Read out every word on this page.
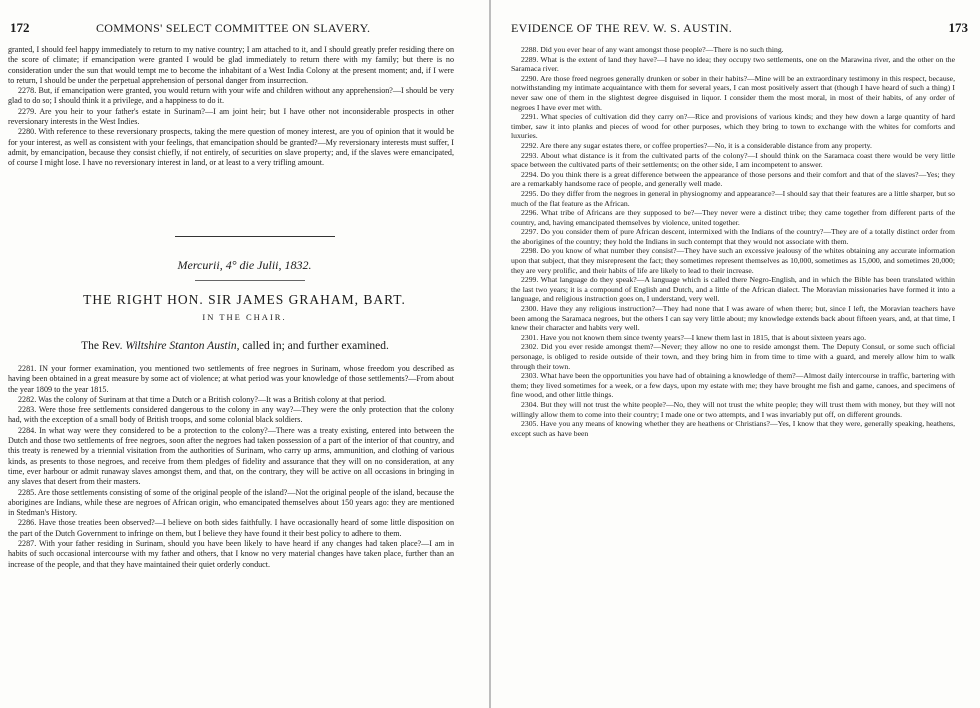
172	COMMONS' SELECT COMMITTEE ON SLAVERY.

granted, I should feel happy immediately to return to my native country; I am attached to it, and I should greatly prefer residing there on the score of climate; if emancipation were granted I would be glad immediately to return there with my family; but there is no consideration under the sun that would tempt me to become the inhabitant of a West India Colony at the present moment; and, if I were to return, I should be under the perpetual apprehension of personal danger from insurrection.

2278. But, if emancipation were granted, you would return with your wife and children without any apprehension?—I should be very glad to do so; I should think it a privilege, and a happiness to do it.

2279. Are you heir to your father's estate in Surinam?—I am joint heir; but I have other not inconsiderable prospects in other reversionary interests in the West Indies.

2280. With reference to these reversionary prospects, taking the mere question of money interest, are you of opinion that it would be for your interest, as well as consistent with your feelings, that emancipation should be granted?—My reversionary interests must suffer, I admit, by emancipation, because they consist chiefly, if not entirely, of securities on slave property; and, if the slaves were emancipated, of course I might lose. I have no reversionary interest in land, or at least to a very trifling amount.

Mercurii, 4° die Julii, 1832.
THE RIGHT HON. SIR JAMES GRAHAM, BART.
IN THE CHAIR.
The Rev. Wiltshire Stanton Austin, called in; and further examined.

2281. IN your former examination, you mentioned two settlements of free negroes in Surinam, whose freedom you described as having been obtained in a great measure by some act of violence; at what period was your knowledge of those settlements?—From about the year 1809 to the year 1815.

2282. Was the colony of Surinam at that time a Dutch or a British colony?—It was a British colony at that period.

2283. Were those free settlements considered dangerous to the colony in any way?—They were the only protection that the colony had, with the exception of a small body of British troops, and some colonial black soldiers.

2284. In what way were they considered to be a protection to the colony?—There was a treaty existing, entered into between the Dutch and those two settlements of free negroes, soon after the negroes had taken possession of a part of the interior of that country, and this treaty is renewed by a triennial visitation from the authorities of Surinam, who carry up arms, ammunition, and clothing of various kinds, as presents to those negroes, and receive from them pledges of fidelity and assurance that they will on no consideration, at any time, ever harbour or admit runaway slaves amongst them, and that, on the contrary, they will be active on all occasions in bringing in any slaves that desert from their masters.

2285. Are those settlements consisting of some of the original people of the island?—Not the original people of the island, because the aborigines are Indians, while these are negroes of African origin, who emancipated themselves about 150 years ago: they are mentioned in Stedman's History.

2286. Have those treaties been observed?—I believe on both sides faithfully. I have occasionally heard of some little disposition on the part of the Dutch Government to infringe on them, but I believe they have found it their best policy to adhere to them.

2287. With your father residing in Surinam, should you have been likely to have heard if any changes had taken place?—I am in habits of such occasional intercourse with my father and others, that I know no very material changes have taken place, further than an increase of the people, and that they have maintained their quiet orderly conduct.

EVIDENCE OF THE REV. W. S. AUSTIN.	173

2288. Did you ever hear of any want amongst those people?—There is no such thing.

2289. What is the extent of land they have?—I have no idea; they occupy two settlements, one on the Marawina river, and the other on the Saramaca river.

2290. Are those freed negroes generally drunken or sober in their habits?—Mine will be an extraordinary testimony in this respect, because, notwithstanding my intimate acquaintance with them for several years, I can most positively assert that (though I have heard of such a thing) I never saw one of them in the slightest degree disguised in liquor. I consider them the most moral, in most of their habits, of any order of negroes I have ever met with.

2291. What species of cultivation did they carry on?—Rice and provisions of various kinds; and they hew down a large quantity of hard timber, saw it into planks and pieces of wood for other purposes, which they bring to town to exchange with the whites for comforts and luxuries.

2292. Are there any sugar estates there, or coffee properties?—No, it is a considerable distance from any property.

2293. About what distance is it from the cultivated parts of the colony?—I should think on the Saramaca coast there would be very little space between the cultivated parts of their settlements; on the other side, I am incompetent to answer.

2294. Do you think there is a great difference between the appearance of those persons and their comfort and that of the slaves?—Yes; they are a remarkably handsome race of people, and generally well made.

2295. Do they differ from the negroes in general in physiognomy and appearance?—I should say that their features are a little sharper, but so much of the flat feature as the African.

2296. What tribe of Africans are they supposed to be?—They never were a distinct tribe; they came together from different parts of the country, and, having emancipated themselves by violence, united together.

2297. Do you consider them of pure African descent, intermixed with the Indians of the country?—They are of a totally distinct order from the aborigines of the country; they hold the Indians in such contempt that they would not associate with them.

2298. Do you know of what number they consist?—They have such an excessive jealousy of the whites obtaining any accurate information upon that subject, that they misrepresent the fact; they sometimes represent themselves as 10,000, sometimes as 15,000, and sometimes 20,000; they are very prolific, and their habits of life are likely to lead to their increase.

2299. What language do they speak?—A language which is called there Negro-English, and in which the Bible has been translated within the last two years; it is a compound of English and Dutch, and a little of the African dialect. The Moravian missionaries have formed it into a language, and religious instruction goes on, I understand, very well.

2300. Have they any religious instruction?—They had none that I was aware of when there; but, since I left, the Moravian teachers have been among the Saramaca negroes, but the others I can say very little about; my knowledge extends back about fifteen years, and, at that time, I knew their character and habits very well.

2301. Have you not known them since twenty years?—I knew them last in 1815, that is about sixteen years ago.

2302. Did you ever reside amongst them?—Never; they allow no one to reside amongst them. The Deputy Consul, or some such official personage, is obliged to reside outside of their town, and they bring him in from time to time with a guard, and merely allow him to walk through their town.

2303. What have been the opportunities you have had of obtaining a knowledge of them?—Almost daily intercourse in traffic, bartering with them; they lived sometimes for a week, or a few days, upon my estate with me; they have brought me fish and game, canoes, and specimens of fine wood, and other little things.

2304. But they will not trust the white people?—No, they will not trust the white people; they will trust them with money, but they will not willingly allow them to come into their country; I made one or two attempts, and I was invariably put off, on different grounds.

2305. Have you any means of knowing whether they are heathens or Christians?—Yes, I know that they were, generally speaking, heathens, except such as have been
